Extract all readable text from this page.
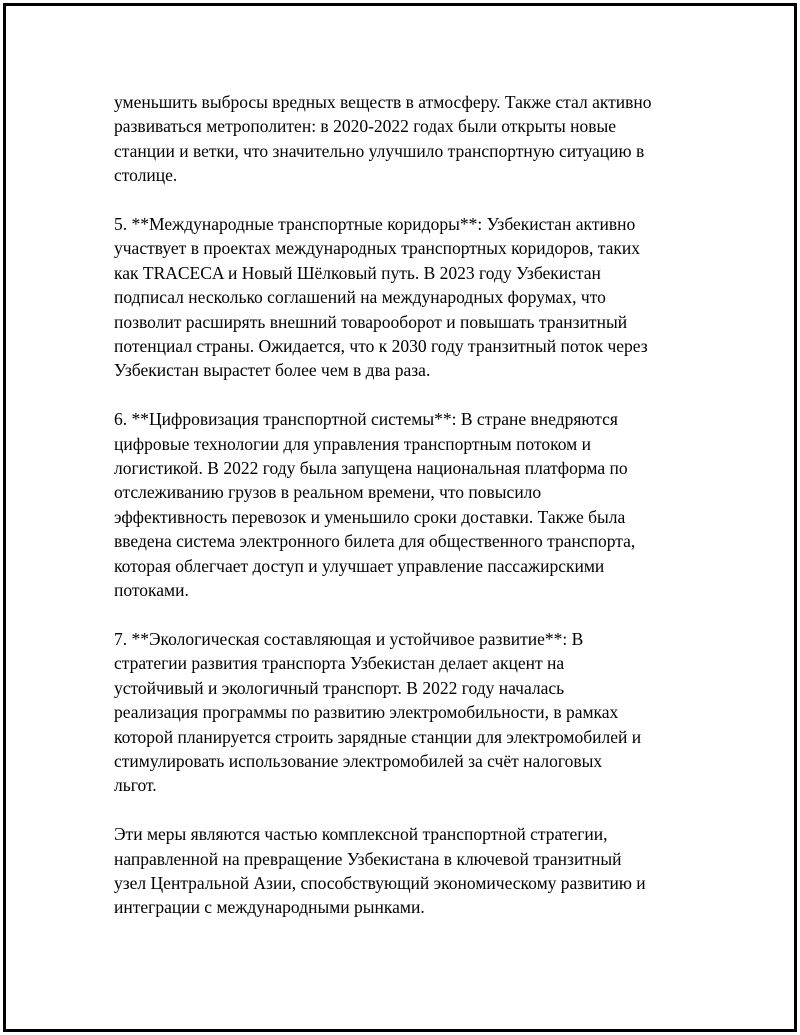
уменьшить выбросы вредных веществ в атмосферу. Также стал активно
развиваться метрополитен: в 2020-2022 годах были открыты новые
станции и ветки, что значительно улучшило транспортную ситуацию в
столице.

5. **Международные транспортные коридоры**: Узбекистан активно
участвует в проектах международных транспортных коридоров, таких
как TRACECA и Новый Шёлковый путь. В 2023 году Узбекистан
подписал несколько соглашений на международных форумах, что
позволит расширять внешний товарооборот и повышать транзитный
потенциал страны. Ожидается, что к 2030 году транзитный поток через
Узбекистан вырастет более чем в два раза.

6. **Цифровизация транспортной системы**: В стране внедряются
цифровые технологии для управления транспортным потоком и
логистикой. В 2022 году была запущена национальная платформа по
отслеживанию грузов в реальном времени, что повысило
эффективность перевозок и уменьшило сроки доставки. Также была
введена система электронного билета для общественного транспорта,
которая облегчает доступ и улучшает управление пассажирскими
потоками.

7. **Экологическая составляющая и устойчивое развитие**: В
стратегии развития транспорта Узбекистан делает акцент на
устойчивый и экологичный транспорт. В 2022 году началась
реализация программы по развитию электромобильности, в рамках
которой планируется строить зарядные станции для электромобилей и
стимулировать использование электромобилей за счёт налоговых
льгот.

Эти меры являются частью комплексной транспортной стратегии,
направленной на превращение Узбекистана в ключевой транзитный
узел Центральной Азии, способствующий экономическому развитию и
интеграции с международными рынками.
